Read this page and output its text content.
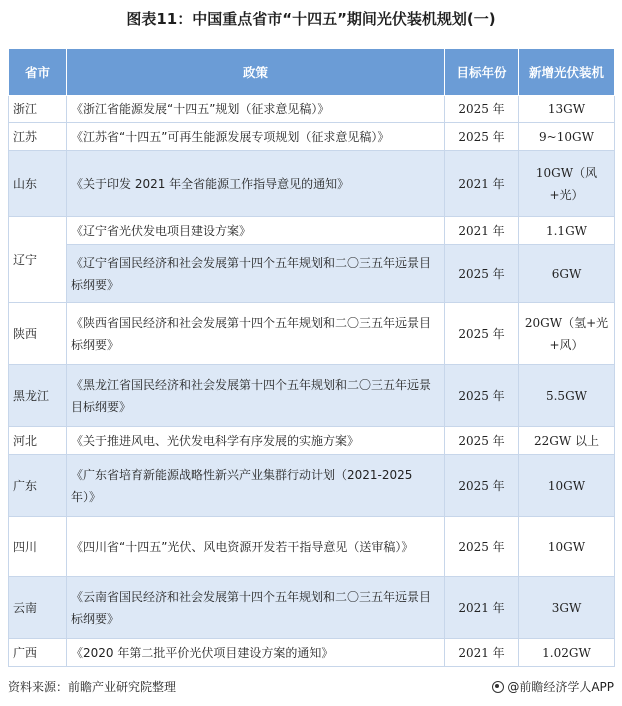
图表11：中国重点省市“十四五”期间光伏装机规划(一)
省市	政策	目标年份	新增光伏装机
浙江	《浙江省能源发展“十四五”规划（征求意见稿）》	2025 年	13GW
江苏	《江苏省“十四五”可再生能源发展专项规划（征求意见稿）》	2025 年	9~10GW
山东	《关于印发 2021 年全省能源工作指导意见的通知》	2021 年	10GW（风+光）
辽宁	《辽宁省光伏发电项目建设方案》	2021 年	1.1GW
	《辽宁省国民经济和社会发展第十四个五年规划和二〇三五年远景目标纲要》	2025 年	6GW
陕西	《陕西省国民经济和社会发展第十四个五年规划和二〇三五年远景目标纲要》	2025 年	20GW（氢+光+风）
黑龙江	《黑龙江省国民经济和社会发展第十四个五年规划和二〇三五年远景目标纲要》	2025 年	5.5GW
河北	《关于推进风电、光伏发电科学有序发展的实施方案》	2025 年	22GW 以上
广东	《广东省培育新能源战略性新兴产业集群行动计划（2021-2025 年）》	2025 年	10GW
四川	《四川省“十四五”光伏、风电资源开发若干指导意见（送审稿）》	2025 年	10GW
云南	《云南省国民经济和社会发展第十四个五年规划和二〇三五年远景目标纲要》	2021 年	3GW
广西	《2020 年第二批平价光伏项目建设方案的通知》	2021 年	1.02GW
资料来源：前瞻产业研究院整理	@前瞻经济学人APP
